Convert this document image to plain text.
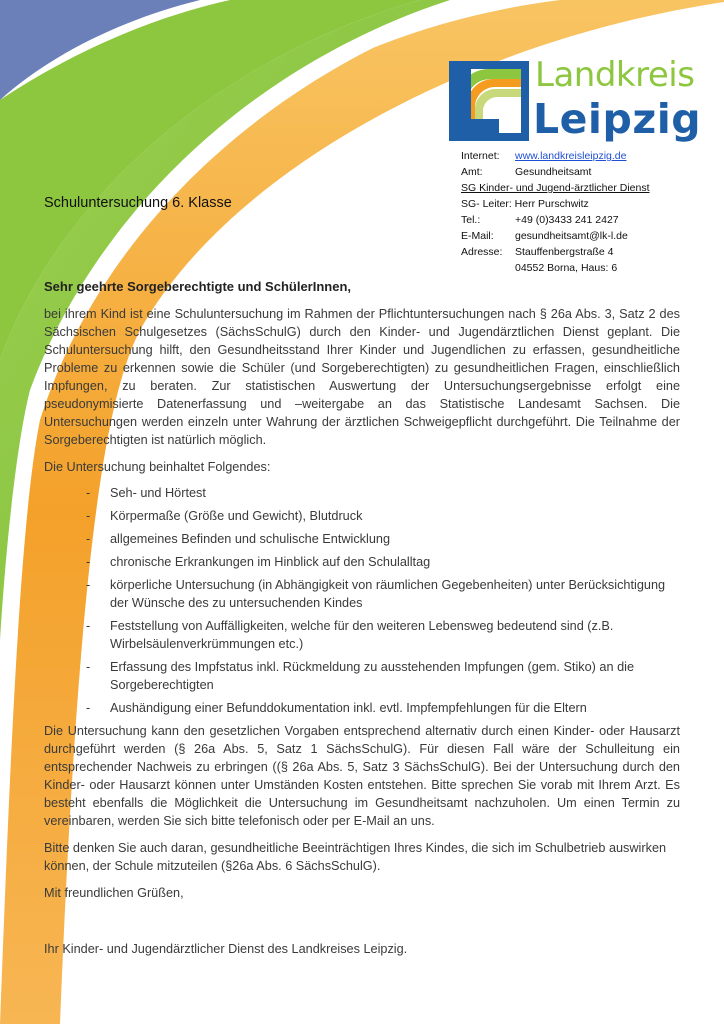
Landkreis
Leipzig
Internet:	www.landkreisleipzig.de
Amt:	Gesundheitsamt
SG Kinder- und Jugend-ärztlicher Dienst
SG- Leiter: Herr Purschwitz
Tel.:	+49 (0)3433 241 2427
E-Mail:	gesundheitsamt@lk-l.de
Adresse:	Stauffenbergstraße 4
04552 Borna, Haus: 6
Schuluntersuchung 6. Klasse

Sehr geehrte Sorgeberechtigte und SchülerInnen,

bei ihrem Kind ist eine Schuluntersuchung im Rahmen der Pflichtuntersuchungen nach § 26a Abs. 3, Satz 2 des Sächsischen Schulgesetzes (SächsSchulG) durch den Kinder- und Jugendärztlichen Dienst geplant. Die Schuluntersuchung hilft, den Gesundheitsstand Ihrer Kinder und Jugendlichen zu erfassen, gesundheitliche Probleme zu erkennen sowie die Schüler (und Sorgeberechtigten) zu gesundheitlichen Fragen, einschließlich Impfungen, zu beraten. Zur statistischen Auswertung der Untersuchungsergebnisse erfolgt eine pseudonymisierte Datenerfassung und –weitergabe an das Statistische Landesamt Sachsen. Die Untersuchungen werden einzeln unter Wahrung der ärztlichen Schweigepflicht durchgeführt. Die Teilnahme der Sorgeberechtigten ist natürlich möglich.

Die Untersuchung beinhaltet Folgendes:

- Seh- und Hörtest
- Körpermaße (Größe und Gewicht), Blutdruck
- allgemeines Befinden und schulische Entwicklung
- chronische Erkrankungen im Hinblick auf den Schulalltag
- körperliche Untersuchung (in Abhängigkeit von räumlichen Gegebenheiten) unter Berücksichtigung der Wünsche des zu untersuchenden Kindes
- Feststellung von Auffälligkeiten, welche für den weiteren Lebensweg bedeutend sind (z.B. Wirbelsäulenverkrümmungen etc.)
- Erfassung des Impfstatus inkl. Rückmeldung zu ausstehenden Impfungen (gem. Stiko) an die Sorgeberechtigten
- Aushändigung einer Befunddokumentation inkl. evtl. Impfempfehlungen für die Eltern

Die Untersuchung kann den gesetzlichen Vorgaben entsprechend alternativ durch einen Kinder- oder Hausarzt durchgeführt werden (§ 26a Abs. 5, Satz 1 SächsSchulG). Für diesen Fall wäre der Schulleitung ein entsprechender Nachweis zu erbringen ((§ 26a Abs. 5, Satz 3 SächsSchulG). Bei der Untersuchung durch den Kinder- oder Hausarzt können unter Umständen Kosten entstehen. Bitte sprechen Sie vorab mit Ihrem Arzt. Es besteht ebenfalls die Möglichkeit die Untersuchung im Gesundheitsamt nachzuholen. Um einen Termin zu vereinbaren, werden Sie sich bitte telefonisch oder per E-Mail an uns.

Bitte denken Sie auch daran, gesundheitliche Beeinträchtigen Ihres Kindes, die sich im Schulbetrieb auswirken können, der Schule mitzuteilen (§26a Abs. 6 SächsSchulG).

Mit freundlichen Grüßen,

Ihr Kinder- und Jugendärztlicher Dienst des Landkreises Leipzig.
